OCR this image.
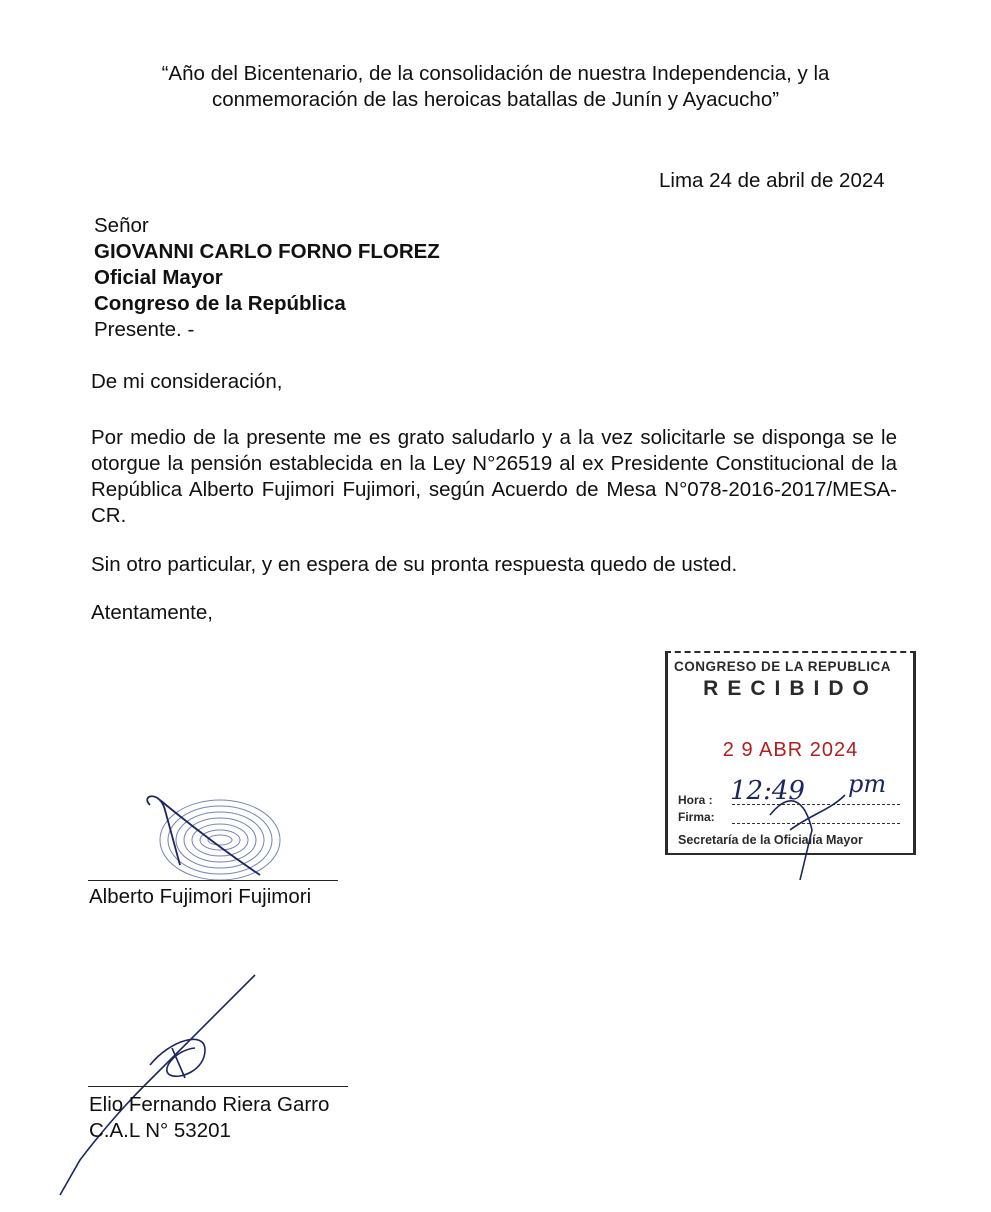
“Año del Bicentenario, de la consolidación de nuestra Independencia, y la
conmemoración de las heroicas batallas de Junín y Ayacucho”
Lima 24 de abril de 2024
Señor
GIOVANNI CARLO FORNO FLOREZ
Oficial Mayor
Congreso de la República
Presente. -
De mi consideración,
Por medio de la presente me es grato saludarlo y a la vez solicitarle se disponga se le otorgue la pensión establecida en la Ley N°26519 al ex Presidente Constitucional de la República Alberto Fujimori Fujimori, según Acuerdo de Mesa N°078-2016-2017/MESA-CR.
Sin otro particular, y en espera de su pronta respuesta quedo de usted.
Atentamente,
CONGRESO DE LA REPUBLICA
RECIBIDO
2 9 ABR 2024
Hora :
Firma:
Secretaría de la Oficialía Mayor
12:49 pm
Alberto Fujimori Fujimori
Elio Fernando Riera Garro
C.A.L N° 53201
